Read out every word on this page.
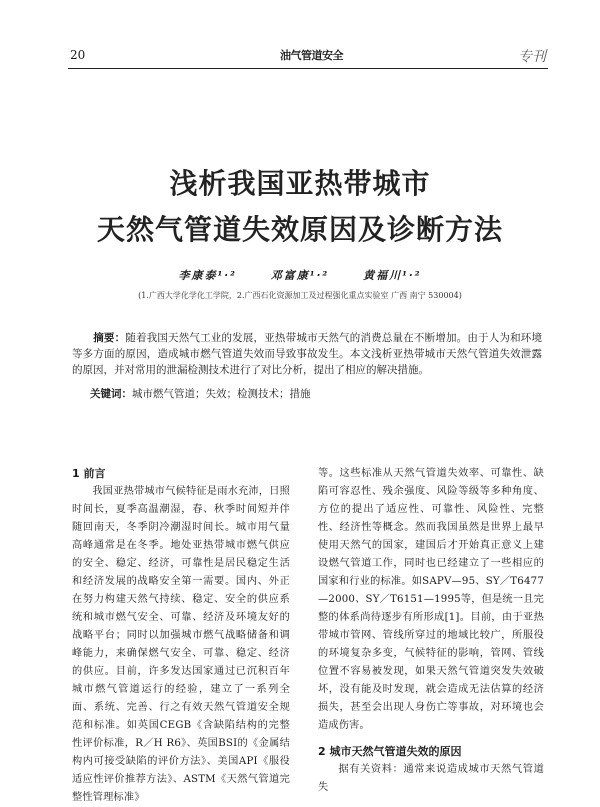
20	油气管道安全	专刊
浅析我国亚热带城市
天然气管道失效原因及诊断方法
李康泰¹·²	邓富康¹·²	黄福川¹·²
(1.广西大学化学化工学院，2.广西石化资源加工及过程强化重点实验室 广西 南宁 530004)

  摘要：随着我国天然气工业的发展，亚热带城市天然气的消费总量在不断增加。由于人为和环境等多方面的原因，造成城市燃气管道失效而导致事故发生。本文浅析亚热带城市天然气管道失效泄露的原因，并对常用的泄漏检测技术进行了对比分析，提出了相应的解决措施。

关键词：城市燃气管道；失效；检测技术；措施

1 前言

我国亚热带城市气候特征是雨水充沛，日照时间长，夏季高温潮湿，春、秋季时间短并伴随回南天，冬季阴冷潮湿时间长。城市用气量高峰通常是在冬季。地处亚热带城市燃气供应的安全、稳定、经济，可靠性是居民稳定生活和经济发展的战略安全第一需要。国内、外正在努力构建天然气持续、稳定、安全的供应系统和城市燃气安全、可靠、经济及环境友好的战略平台；同时以加强城市燃气战略储备和调峰能力，来确保燃气安全、可靠、稳定、经济的供应。目前，许多发达国家通过已沉积百年城市燃气管道运行的经验，建立了一系列全面、系统、完善、行之有效天然气管道安全规范和标准。如英国CEGB《含缺陷结构的完整性评价标准，R／H R6》、英国BSI的《金属结构内可接受缺陷的评价方法》、美国API《服役适应性评价推荐方法》、ASTM《天然气管道完整性管理标准》

等。这些标准从天然气管道失效率、可靠性、缺陷可容忍性、残余强度、风险等级等多种角度、方位的提出了适应性、可靠性、风险性、完整性、经济性等概念。然而我国虽然是世界上最早使用天然气的国家，建国后才开始真正意义上建设燃气管道工作，同时也已经建立了一些相应的国家和行业的标准。如SAPV—95、SY／T6477—2000、SY／T6151—1995等，但是统一且完整的体系尚待逐步有所形成[1]。目前，由于亚热带城市管网、管线所穿过的地域比较广，所服役的环境复杂多变，气候特征的影响，管网、管线位置不容易被发现，如果天然气管道突发失效破坏，没有能及时发现，就会造成无法估算的经济损失，甚至会出现人身伤亡等事故，对环境也会造成伤害。

2 城市天然气管道失效的原因

据有关资料：通常来说造成城市天然气管道失
